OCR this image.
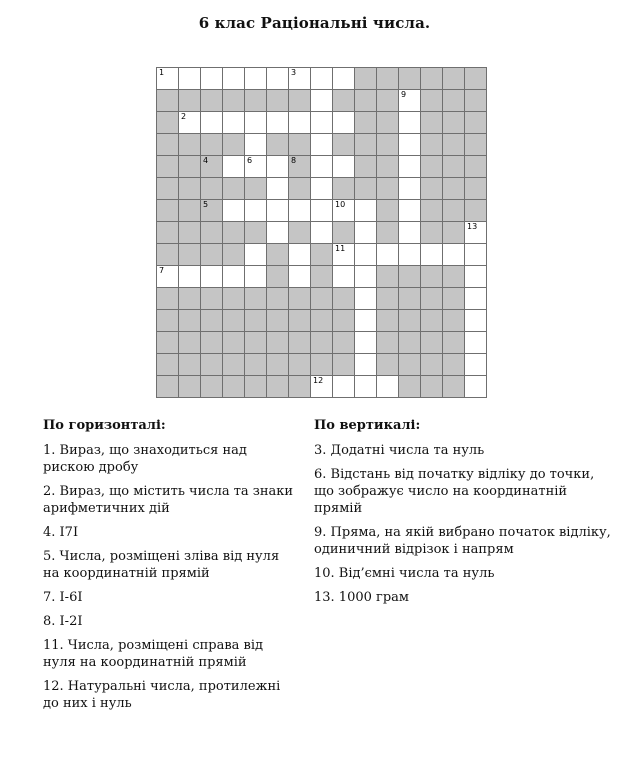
6 клас Раціональні числа.
1	3
9
2
4	6	8
5	10
13
11
7
12
По горизонталі:
1. Вираз, що знаходиться над рискою дробу
2. Вираз, що містить числа та знаки арифметичних дій
4. I7I
5. Числа, розміщені зліва від нуля на координатній прямій
7. I-6I
8. I-2I
11. Числа, розміщені справа від нуля на координатній прямій
12. Натуральні числа, протилежні до них і нуль
По вертикалі:
3. Додатні числа та нуль
6. Відстань від початку відліку до точки, що зображує число на координатній прямій
9. Пряма, на якій вибрано початок відліку, одиничний відрізок і напрям
10. Від’ємні числа та нуль
13. 1000 грам
